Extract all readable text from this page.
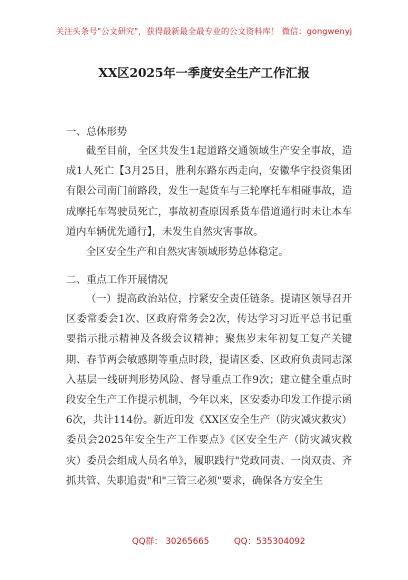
关注头条号"公文研究"，获得最新最全最专业的公文资料库！ 微信：gongwenyj
XX区2025年一季度安全生产工作汇报
一、总体形势

截至目前，全区共发生1起道路交通领域生产安全事故，造成1人死亡【3月25日，胜利东路东西走向，安徽华宇投资集团有限公司南门前路段，发生一起货车与三轮摩托车相碰事故，造成摩托车驾驶员死亡，事故初查原因系货车借道通行时未让本车道内车辆优先通行】，未发生自然灾害事故。

全区安全生产和自然灾害领域形势总体稳定。

二、重点工作开展情况

（一）提高政治站位，拧紧安全责任链条。提请区领导召开区委常委会1次、区政府常务会2次，传达学习习近平总书记重要指示批示精神及各级会议精神；聚焦岁末年初复工复产关键期、春节两会敏感期等重点时段，提请区委、区政府负责同志深入基层一线研判形势风险、督导重点工作9次；建立健全重点时段安全生产工作提示机制，今年以来，区安委办印发工作提示函6次，共计114份。新近印发《XX区安全生产（防灾减灾救灾）委员会2025年安全生产工作要点》《区安全生产（防灾减灾救灾）委员会组成人员名单》，履职践行"党政同责、一岗双责、齐抓共管、失职追责"和"三管三必须"要求，确保各方安全生

QQ群： 30265665	QQ：535304092
